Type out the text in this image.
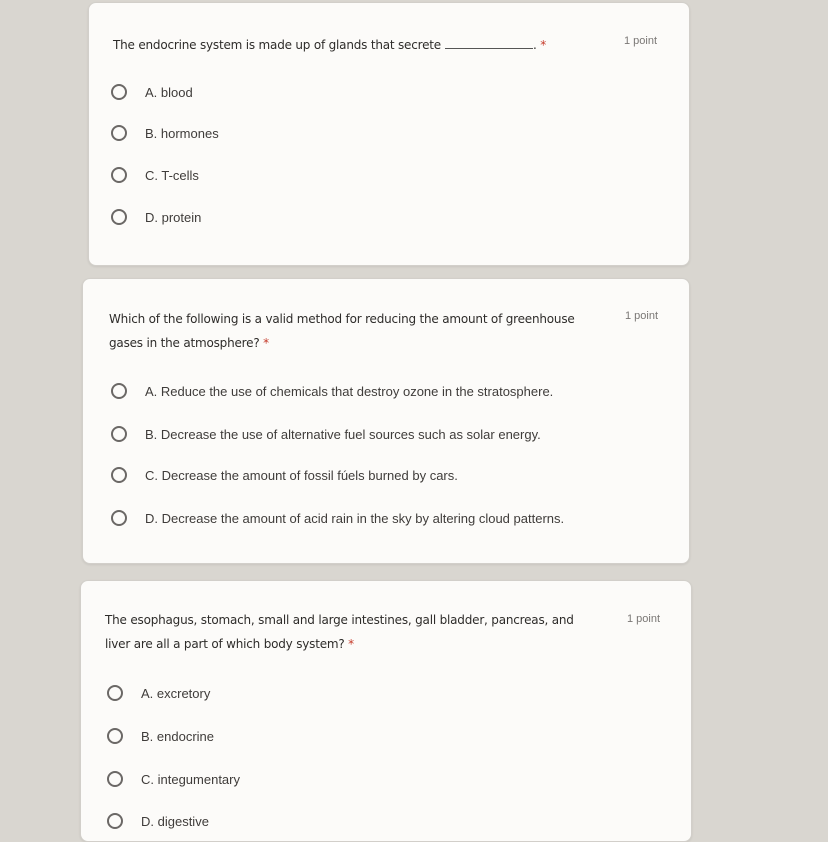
The endocrine system is made up of glands that secrete	. *	1 point
A. blood
B. hormones
C. T-cells
D. protein
Which of the following is a valid method for reducing the amount of greenhouse
gases in the atmosphere? *
1 point
A. Reduce the use of chemicals that destroy ozone in the stratosphere.
B. Decrease the use of alternative fuel sources such as solar energy.
C. Decrease the amount of fossil fúels burned by cars.
D. Decrease the amount of acid rain in the sky by altering cloud patterns.
The esophagus, stomach, small and large intestines, gall bladder, pancreas, and
liver are all a part of which body system? *
1 point
A. excretory
B. endocrine
C. integumentary
D. digestive
